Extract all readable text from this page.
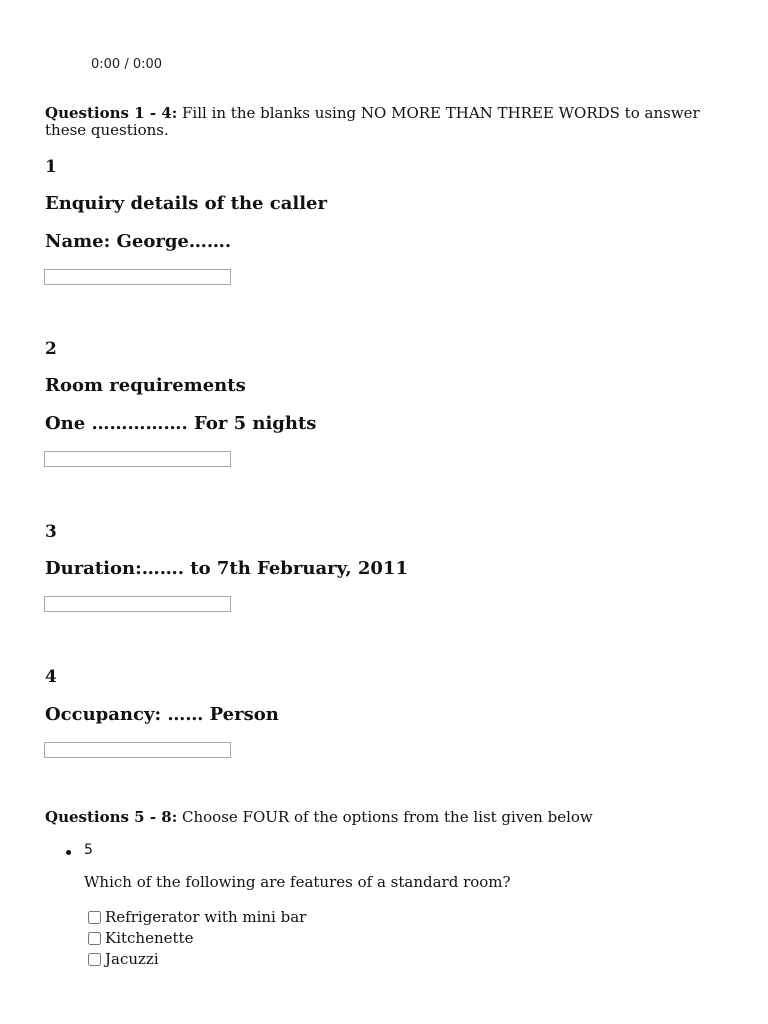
0:00 / 0:00
Questions 1 - 4: Fill in the blanks using NO MORE THAN THREE WORDS to answer these questions.
1
Enquiry details of the caller
Name: George…….
2
Room requirements
One ……………. For 5 nights
3
Duration:……. to 7th February, 2011
4
Occupancy: …… Person
Questions 5 - 8: Choose FOUR of the options from the list given below
5
Which of the following are features of a standard room?
Refrigerator with mini bar
Kitchenette
Jacuzzi
